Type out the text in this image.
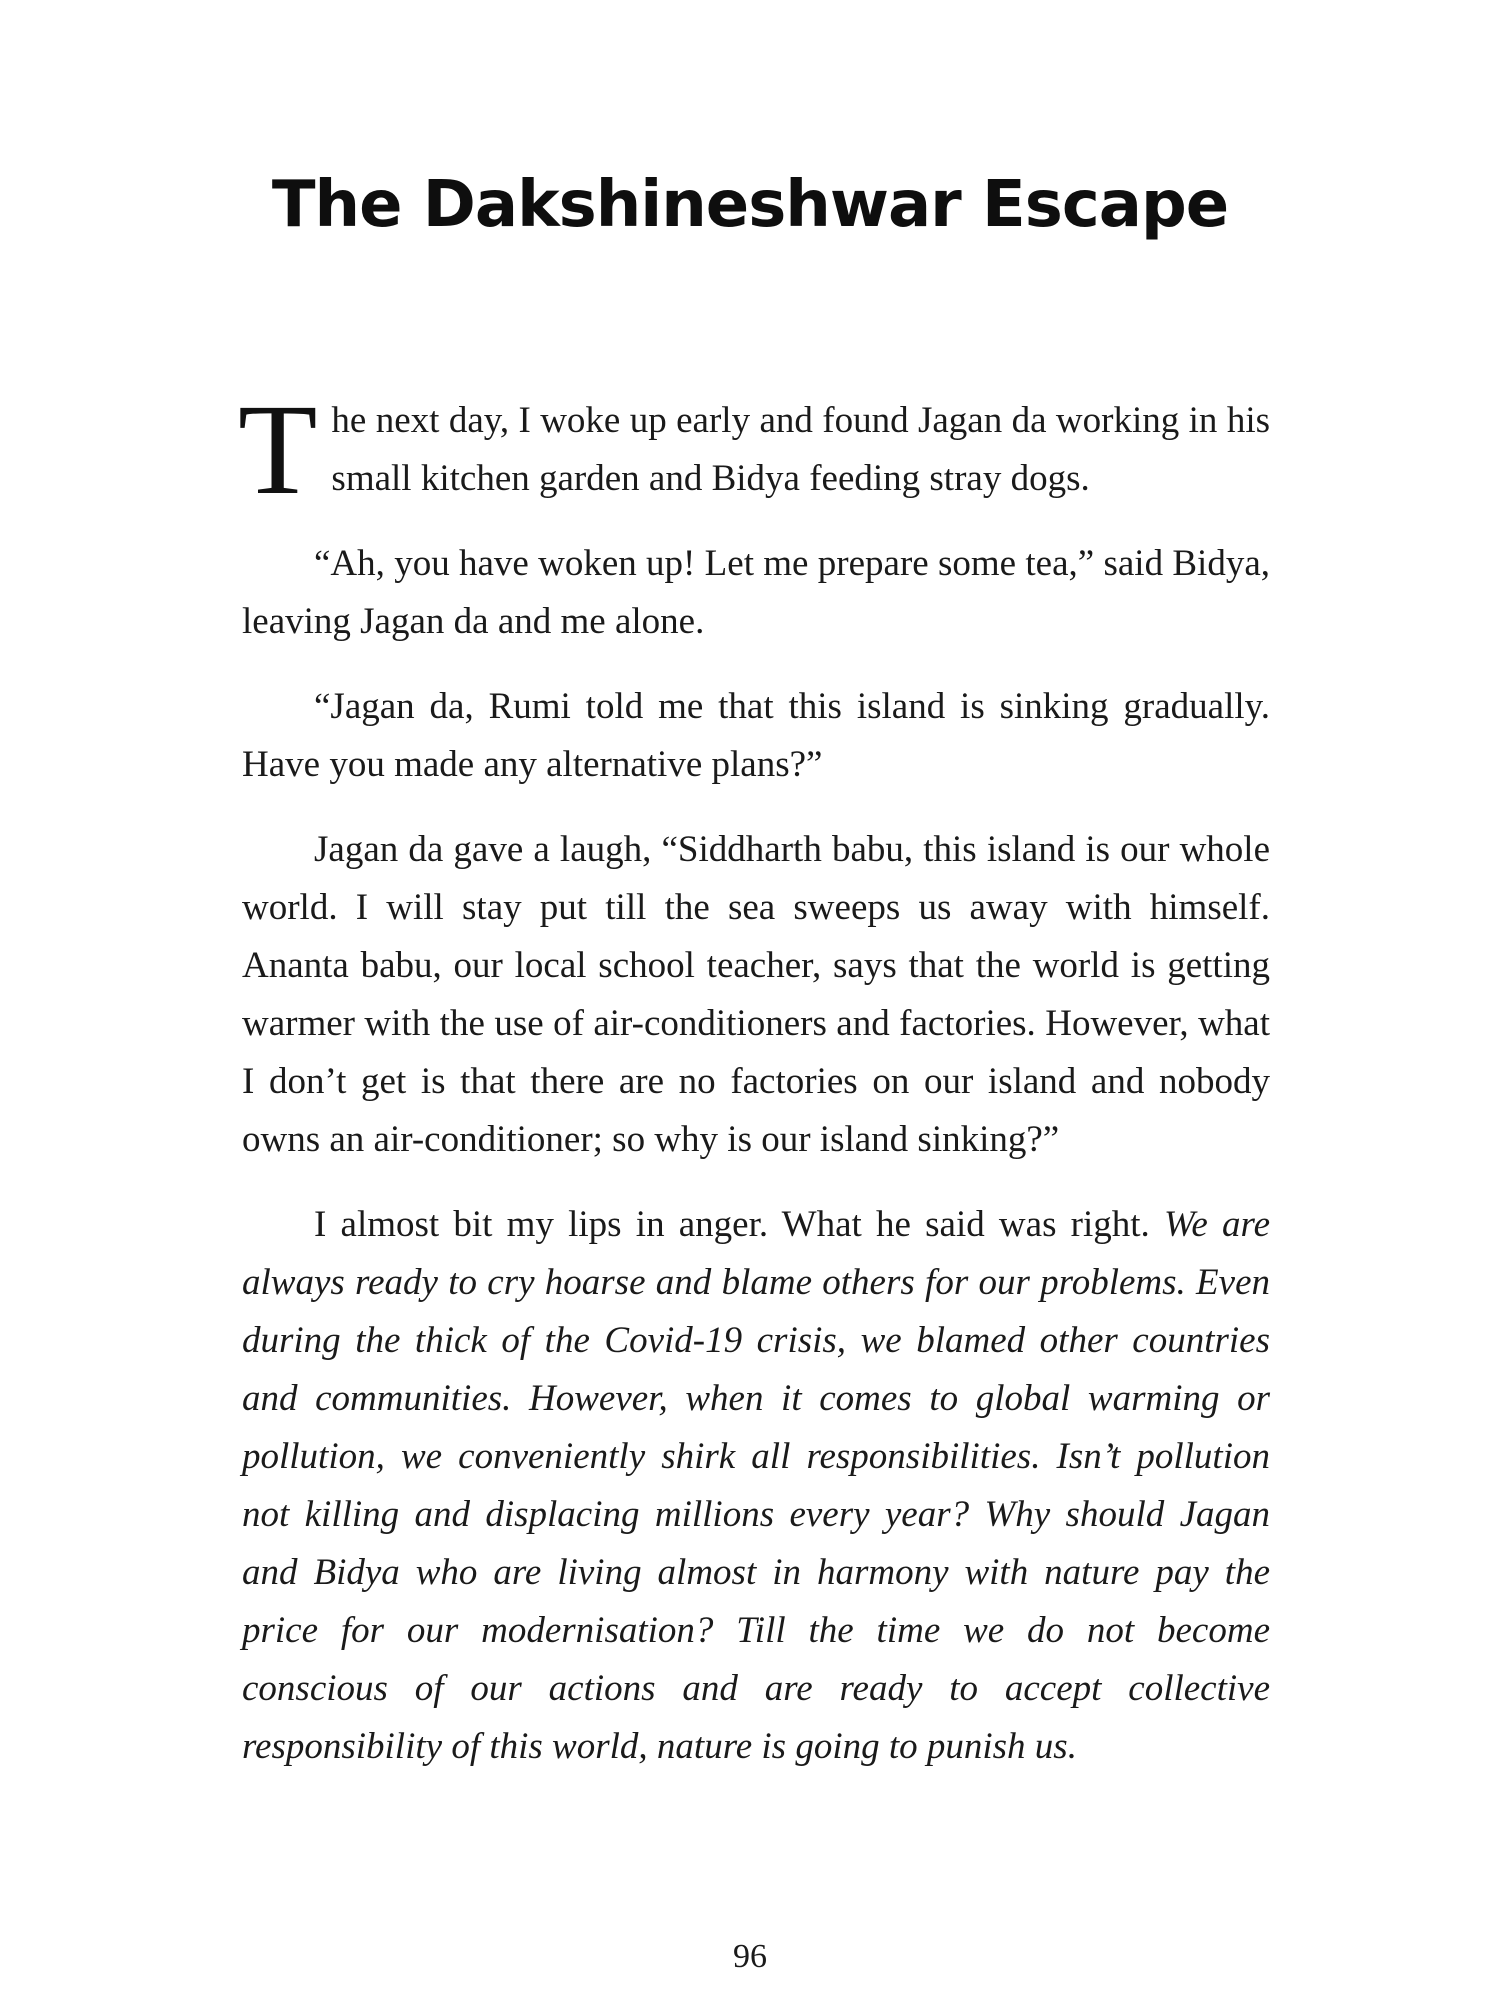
The Dakshineshwar Escape

The next day, I woke up early and found Jagan da working in his small kitchen garden and Bidya feeding stray dogs.

“Ah, you have woken up! Let me prepare some tea,” said Bidya, leaving Jagan da and me alone.

“Jagan da, Rumi told me that this island is sinking gradually. Have you made any alternative plans?”

Jagan da gave a laugh, “Siddharth babu, this island is our whole world. I will stay put till the sea sweeps us away with himself. Ananta babu, our local school teacher, says that the world is getting warmer with the use of air-conditioners and factories. However, what I don’t get is that there are no factories on our island and nobody owns an air-conditioner; so why is our island sinking?”

I almost bit my lips in anger. What he said was right. We are always ready to cry hoarse and blame others for our problems. Even during the thick of the Covid-19 crisis, we blamed other countries and communities. However, when it comes to global warming or pollution, we conveniently shirk all responsibilities. Isn’t pollution not killing and displacing millions every year? Why should Jagan and Bidya who are living almost in harmony with nature pay the price for our modernisation? Till the time we do not become conscious of our actions and are ready to accept collective responsibility of this world, nature is going to punish us.

96
